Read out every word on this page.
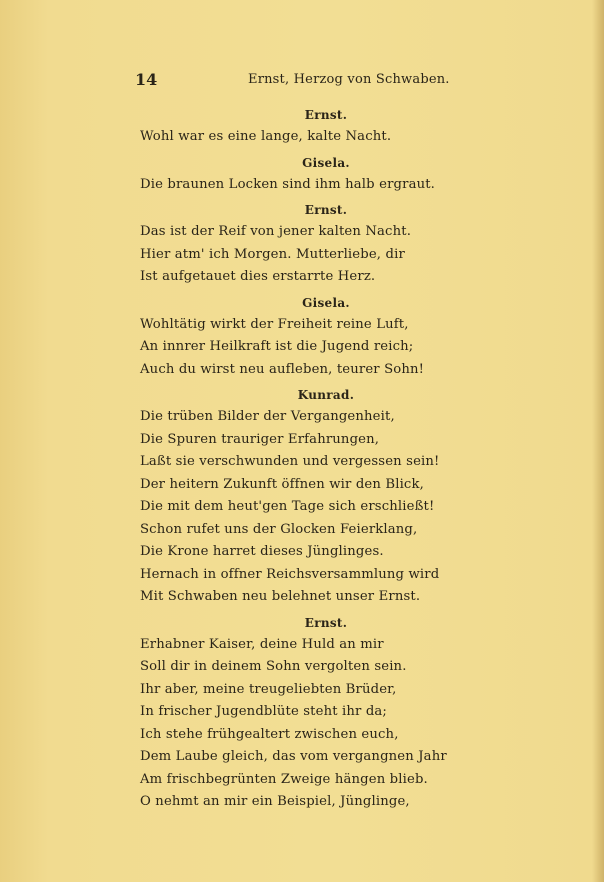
14	Ernst, Herzog von Schwaben.
Ernst.
Wohl war es eine lange, kalte Nacht.
Gisela.
Die braunen Locken sind ihm halb ergraut.
Ernst.
Das ist der Reif von jener kalten Nacht.
Hier atm' ich Morgen. Mutterliebe, dir
Ist aufgetauet dies erstarrte Herz.
Gisela.
Wohltätig wirkt der Freiheit reine Luft,
An innrer Heilkraft ist die Jugend reich;
Auch du wirst neu aufleben, teurer Sohn!
Kunrad.
Die trüben Bilder der Vergangenheit,
Die Spuren trauriger Erfahrungen,
Laßt sie verschwunden und vergessen sein!
Der heitern Zukunft öffnen wir den Blick,
Die mit dem heut'gen Tage sich erschließt!
Schon rufet uns der Glocken Feierklang,
Die Krone harret dieses Jünglinges.
Hernach in offner Reichsversammlung wird
Mit Schwaben neu belehnet unser Ernst.
Ernst.
Erhabner Kaiser, deine Huld an mir
Soll dir in deinem Sohn vergolten sein.
Ihr aber, meine treugeliebten Brüder,
In frischer Jugendblüte steht ihr da;
Ich stehe frühgealtert zwischen euch,
Dem Laube gleich, das vom vergangnen Jahr
Am frischbegrünten Zweige hängen blieb.
O nehmt an mir ein Beispiel, Jünglinge,
